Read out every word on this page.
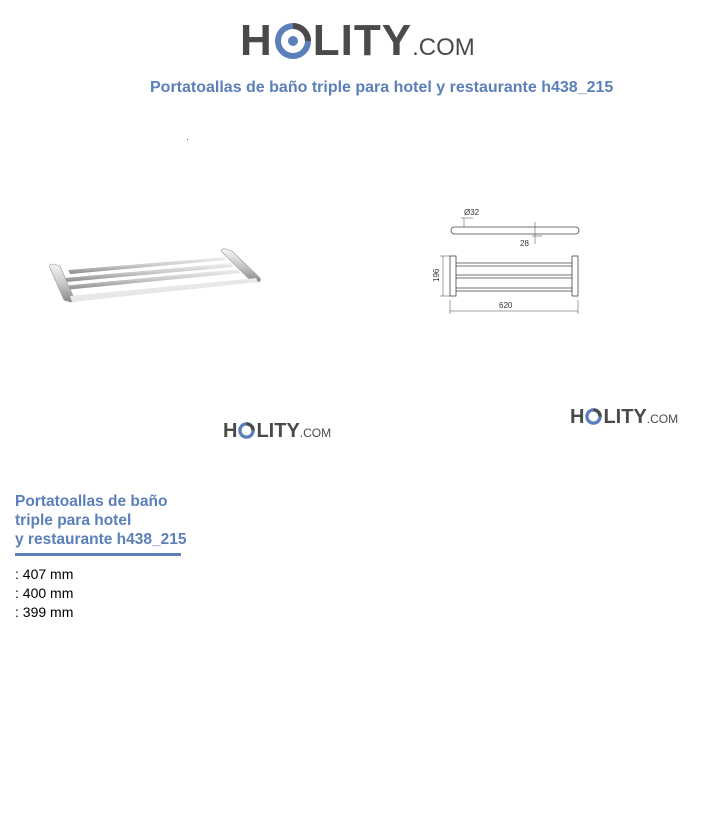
H LITY .COM
Portatoallas de baño triple para hotel y restaurante h438_215
Ø32
28
196
620
H LITY .COM
H LITY .COM
Portatoallas de baño
triple para hotel
y restaurante h438_215
: 407 mm
: 400 mm
: 399 mm
